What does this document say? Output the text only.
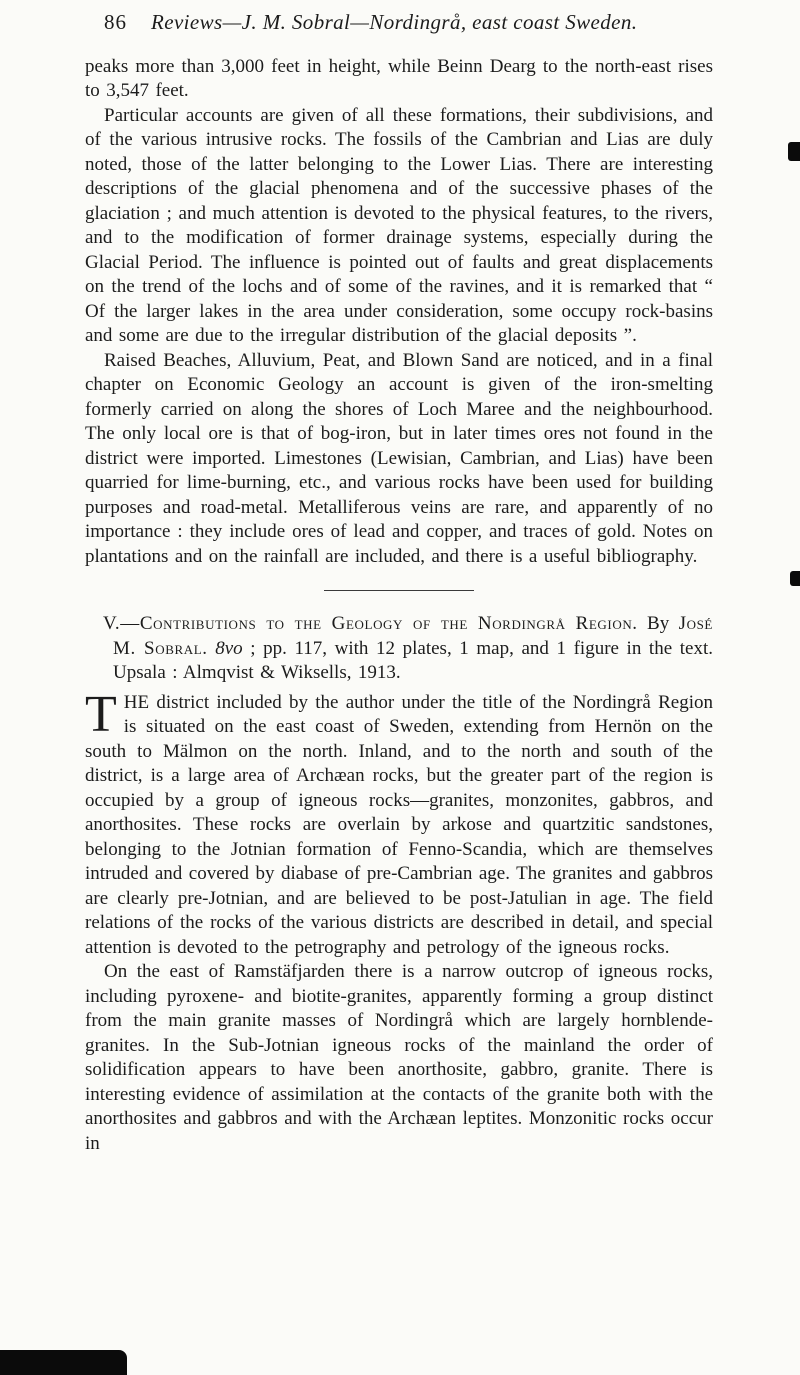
86 Reviews—J. M. Sobral—Nordingrå, east coast Sweden.

peaks more than 3,000 feet in height, while Beinn Dearg to the north-east rises to 3,547 feet.

Particular accounts are given of all these formations, their subdivisions, and of the various intrusive rocks. The fossils of the Cambrian and Lias are duly noted, those of the latter belonging to the Lower Lias. There are interesting descriptions of the glacial phenomena and of the successive phases of the glaciation ; and much attention is devoted to the physical features, to the rivers, and to the modification of former drainage systems, especially during the Glacial Period. The influence is pointed out of faults and great displacements on the trend of the lochs and of some of the ravines, and it is remarked that “ Of the larger lakes in the area under consideration, some occupy rock-basins and some are due to the irregular distribution of the glacial deposits ”.

Raised Beaches, Alluvium, Peat, and Blown Sand are noticed, and in a final chapter on Economic Geology an account is given of the iron-smelting formerly carried on along the shores of Loch Maree and the neighbourhood. The only local ore is that of bog-iron, but in later times ores not found in the district were imported. Limestones (Lewisian, Cambrian, and Lias) have been quarried for lime-burning, etc., and various rocks have been used for building purposes and road-metal. Metalliferous veins are rare, and apparently of no importance : they include ores of lead and copper, and traces of gold. Notes on plantations and on the rainfall are included, and there is a useful bibliography.

V.—Contributions to the Geology of the Nordingrå Region. By José M. Sobral. 8vo ; pp. 117, with 12 plates, 1 map, and 1 figure in the text. Upsala : Almqvist & Wiksells, 1913.

THE district included by the author under the title of the Nordingrå Region is situated on the east coast of Sweden, extending from Hernön on the south to Mälmon on the north. Inland, and to the north and south of the district, is a large area of Archæan rocks, but the greater part of the region is occupied by a group of igneous rocks—granites, monzonites, gabbros, and anorthosites. These rocks are overlain by arkose and quartzitic sandstones, belonging to the Jotnian formation of Fenno-Scandia, which are themselves intruded and covered by diabase of pre-Cambrian age. The granites and gabbros are clearly pre-Jotnian, and are believed to be post-Jatulian in age. The field relations of the rocks of the various districts are described in detail, and special attention is devoted to the petrography and petrology of the igneous rocks.

On the east of Ramstäfjarden there is a narrow outcrop of igneous rocks, including pyroxene- and biotite-granites, apparently forming a group distinct from the main granite masses of Nordingrå which are largely hornblende-granites. In the Sub-Jotnian igneous rocks of the mainland the order of solidification appears to have been anorthosite, gabbro, granite. There is interesting evidence of assimilation at the contacts of the granite both with the anorthosites and gabbros and with the Archæan leptites. Monzonitic rocks occur in
